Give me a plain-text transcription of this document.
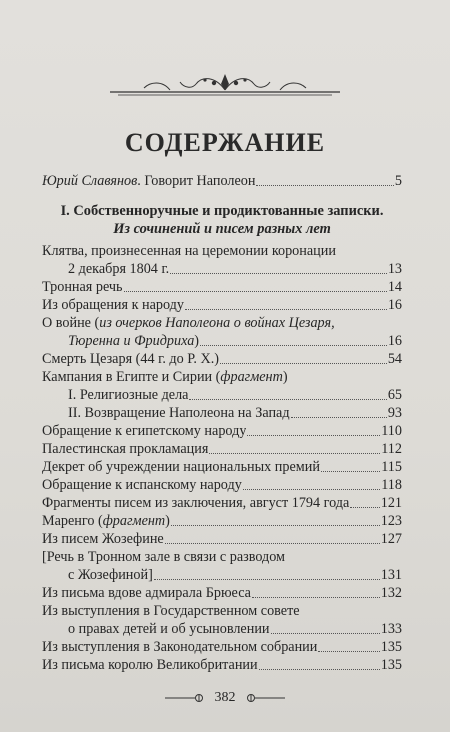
СОДЕРЖАНИЕ
Юрий Славянов. Говорит Наполеон	5
I. Собственноручные и продиктованные записки.
Из сочинений и писем разных лет
Клятва, произнесенная на церемонии коронации
2 декабря 1804 г.	13
Тронная речь	14
Из обращения к народу	16
О войне (из очерков Наполеона о войнах Цезаря,
Тюренна и Фридриха)	16
Смерть Цезаря (44 г. до Р. Х.)	54
Кампания в Египте и Сирии (фрагмент)
I. Религиозные дела	65
II. Возвращение Наполеона на Запад	93
Обращение к египетскому народу	110
Палестинская прокламация	112
Декрет об учреждении национальных премий	115
Обращение к испанскому народу	118
Фрагменты писем из заключения, август 1794 года 121
Маренго (фрагмент)	123
Из писем Жозефине	127
[Речь в Тронном зале в связи с разводом
с Жозефиной]	131
Из письма вдове адмирала Брюеса	132
Из выступления в Государственном совете
о правах детей и об усыновлении	133
Из выступления в Законодательном собрании	135
Из письма королю Великобритании	135
382
